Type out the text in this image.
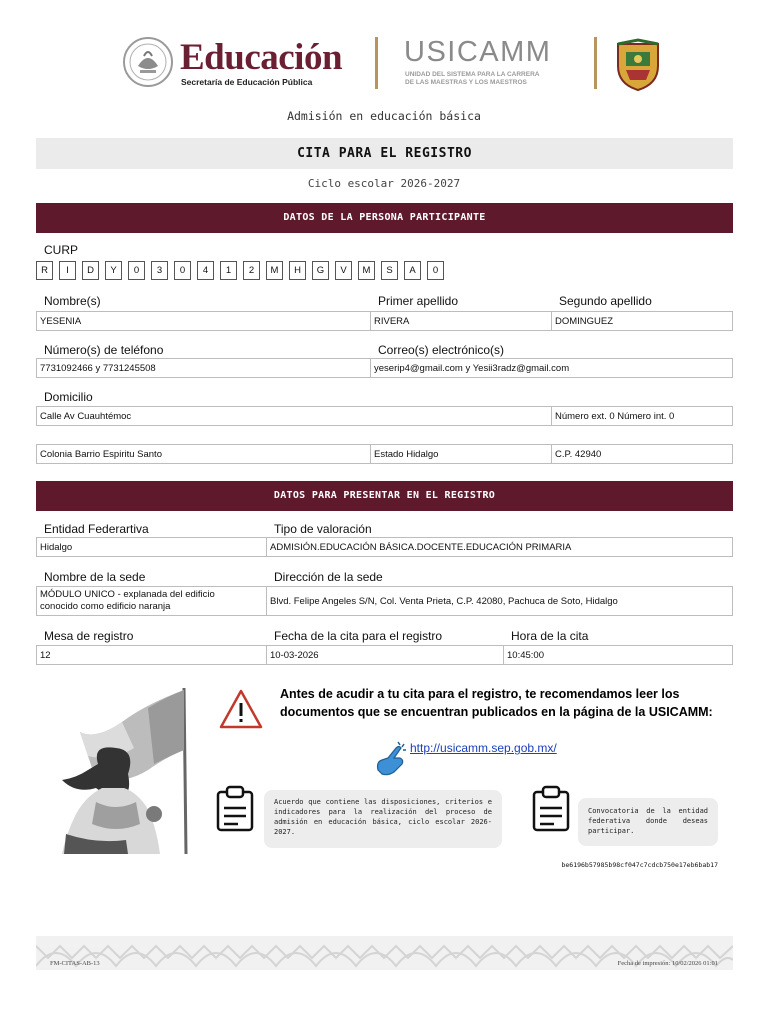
Educación
Secretaría de Educación Pública
USICAMM
UNIDAD DEL SISTEMA PARA LA CARRERA
DE LAS MAESTRAS Y LOS MAESTROS
Admisión en educación básica
CITA PARA EL REGISTRO
Ciclo escolar 2026-2027
DATOS DE LA PERSONA PARTICIPANTE
CURP
R	I	D	Y	0	3	0	4	1	2	M	H	G	V	M	S	A	0
Nombre(s)	Primer apellido	Segundo apellido
YESENIA	RIVERA	DOMINGUEZ
Número(s) de teléfono	Correo(s) electrónico(s)
7731092466 y 7731245508	yeserip4@gmail.com y Yesii3radz@gmail.com
Domicilio
Calle Av Cuauhtémoc	Número ext. 0 Número int. 0
Colonia Barrio Espiritu Santo	Estado Hidalgo	C.P. 42940
DATOS PARA PRESENTAR EN EL REGISTRO
Entidad Federartiva	Tipo de valoración
Hidalgo	ADMISIÓN.EDUCACIÓN BÁSICA.DOCENTE.EDUCACIÓN PRIMARIA
Nombre de la sede	Dirección de la sede
MÓDULO UNICO - explanada del edificio
conocido como edificio naranja	Blvd. Felipe Angeles S/N, Col. Venta Prieta, C.P. 42080, Pachuca de Soto, Hidalgo
Mesa de registro	Fecha de la cita para el registro	Hora de la cita
12	10-03-2026	10:45:00
Antes de acudir a tu cita para el registro, te recomendamos leer los documentos que se encuentran publicados en la página de la USICAMM:
http://usicamm.sep.gob.mx/
Acuerdo que contiene las disposiciones, criterios e indicadores para la realización del proceso de admisión en educación básica, ciclo escolar 2026-2027.
Convocatoria de la entidad federativa donde deseas participar.
be6196b57985b98cf047c7cdcb750e17eb6bab17
FM-CITAS-AB-13	Fecha de impresión: 10/02/2026 01:01
